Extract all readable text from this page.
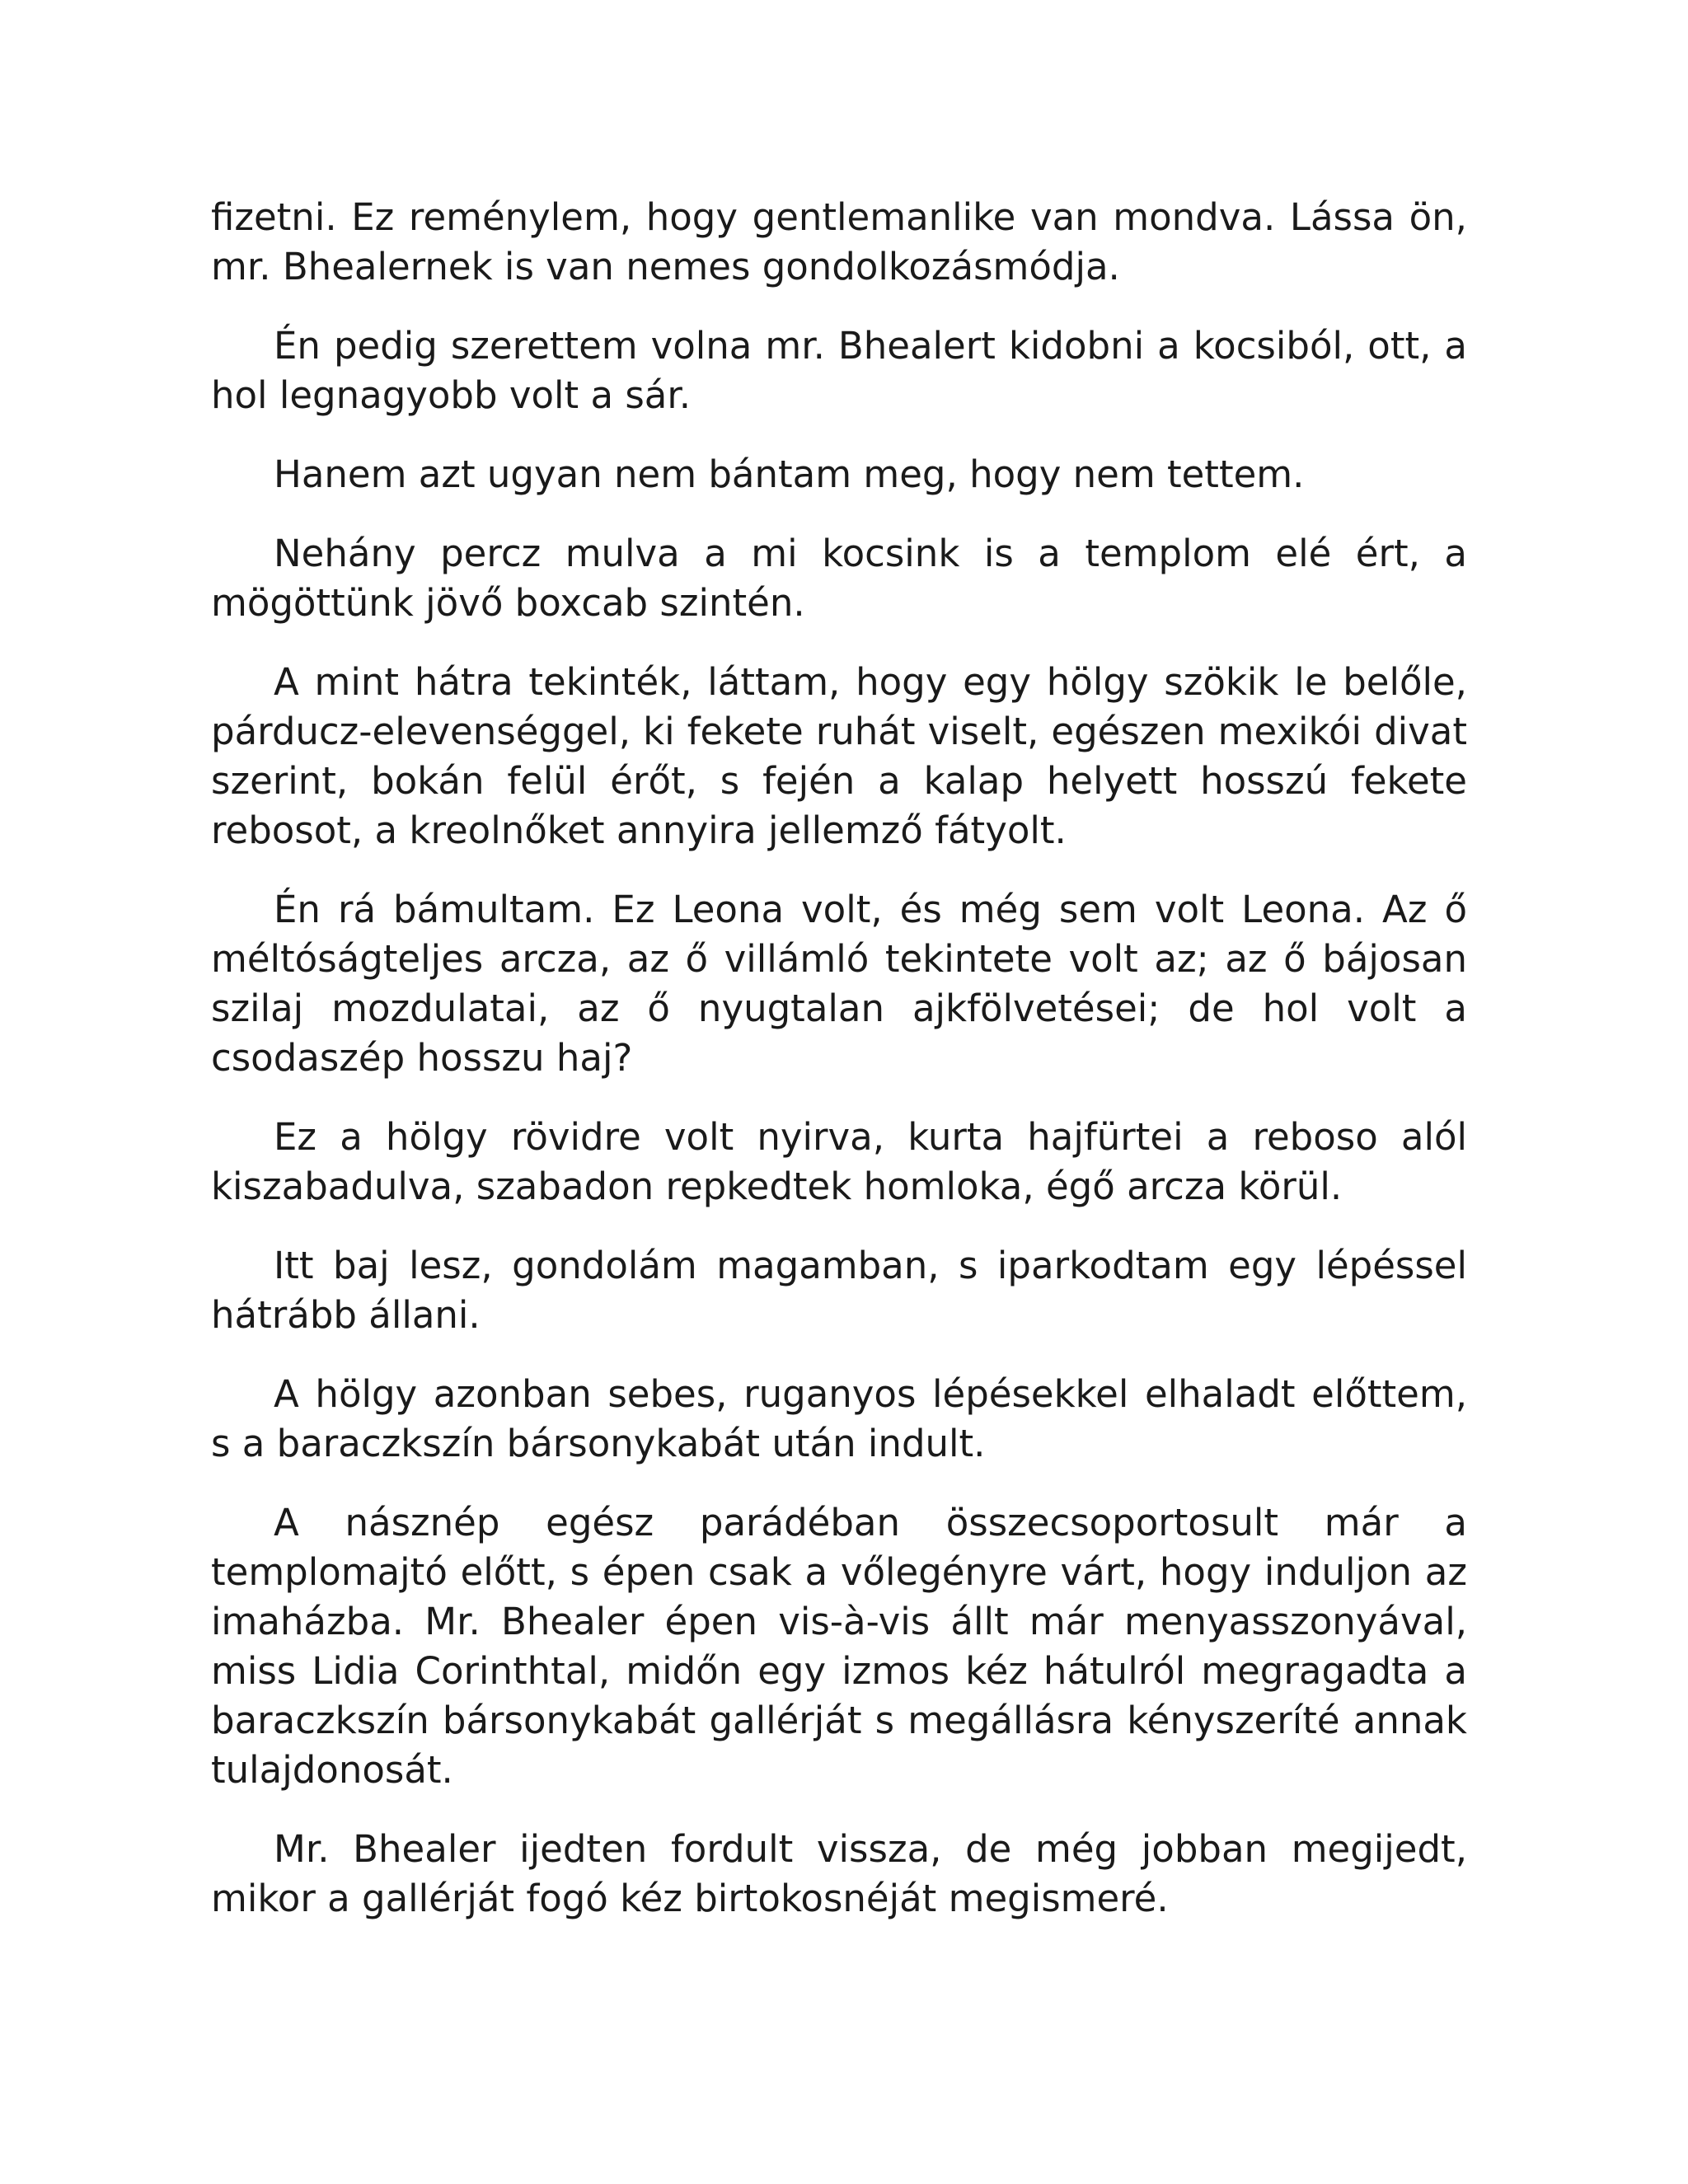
fizetni. Ez reménylem, hogy gentlemanlike van mondva. Lássa ön, mr. Bhealernek is van nemes gondolkozásmódja.

Én pedig szerettem volna mr. Bhealert kidobni a kocsiból, ott, a hol legnagyobb volt a sár.

Hanem azt ugyan nem bántam meg, hogy nem tettem.

Nehány percz mulva a mi kocsink is a templom elé ért, a mögöttünk jövő boxcab szintén.

A mint hátra tekinték, láttam, hogy egy hölgy szökik le belőle, párducz-elevenséggel, ki fekete ruhát viselt, egészen mexikói divat szerint, bokán felül érőt, s fején a kalap helyett hosszú fekete rebosot, a kreolnőket annyira jellemző fátyolt.

Én rá bámultam. Ez Leona volt, és még sem volt Leona. Az ő méltóságteljes arcza, az ő villámló tekintete volt az; az ő bájosan szilaj mozdulatai, az ő nyugtalan ajkfölvetései; de hol volt a csodaszép hosszu haj?

Ez a hölgy rövidre volt nyirva, kurta hajfürtei a reboso alól kiszabadulva, szabadon repkedtek homloka, égő arcza körül.

Itt baj lesz, gondolám magamban, s iparkodtam egy lépéssel hátrább állani.

A hölgy azonban sebes, ruganyos lépésekkel elhaladt előttem, s a baraczkszín bársonykabát után indult.

A násznép egész parádéban összecsoportosult már a templomajtó előtt, s épen csak a vőlegényre várt, hogy induljon az imaházba. Mr. Bhealer épen vis-à-vis állt már menyasszonyával, miss Lidia Corinthtal, midőn egy izmos kéz hátulról megragadta a baraczkszín bársonykabát gallérját s megállásra kényszeríté annak tulajdonosát.

Mr. Bhealer ijedten fordult vissza, de még jobban megijedt, mikor a gallérját fogó kéz birtokosnéját megismeré.
